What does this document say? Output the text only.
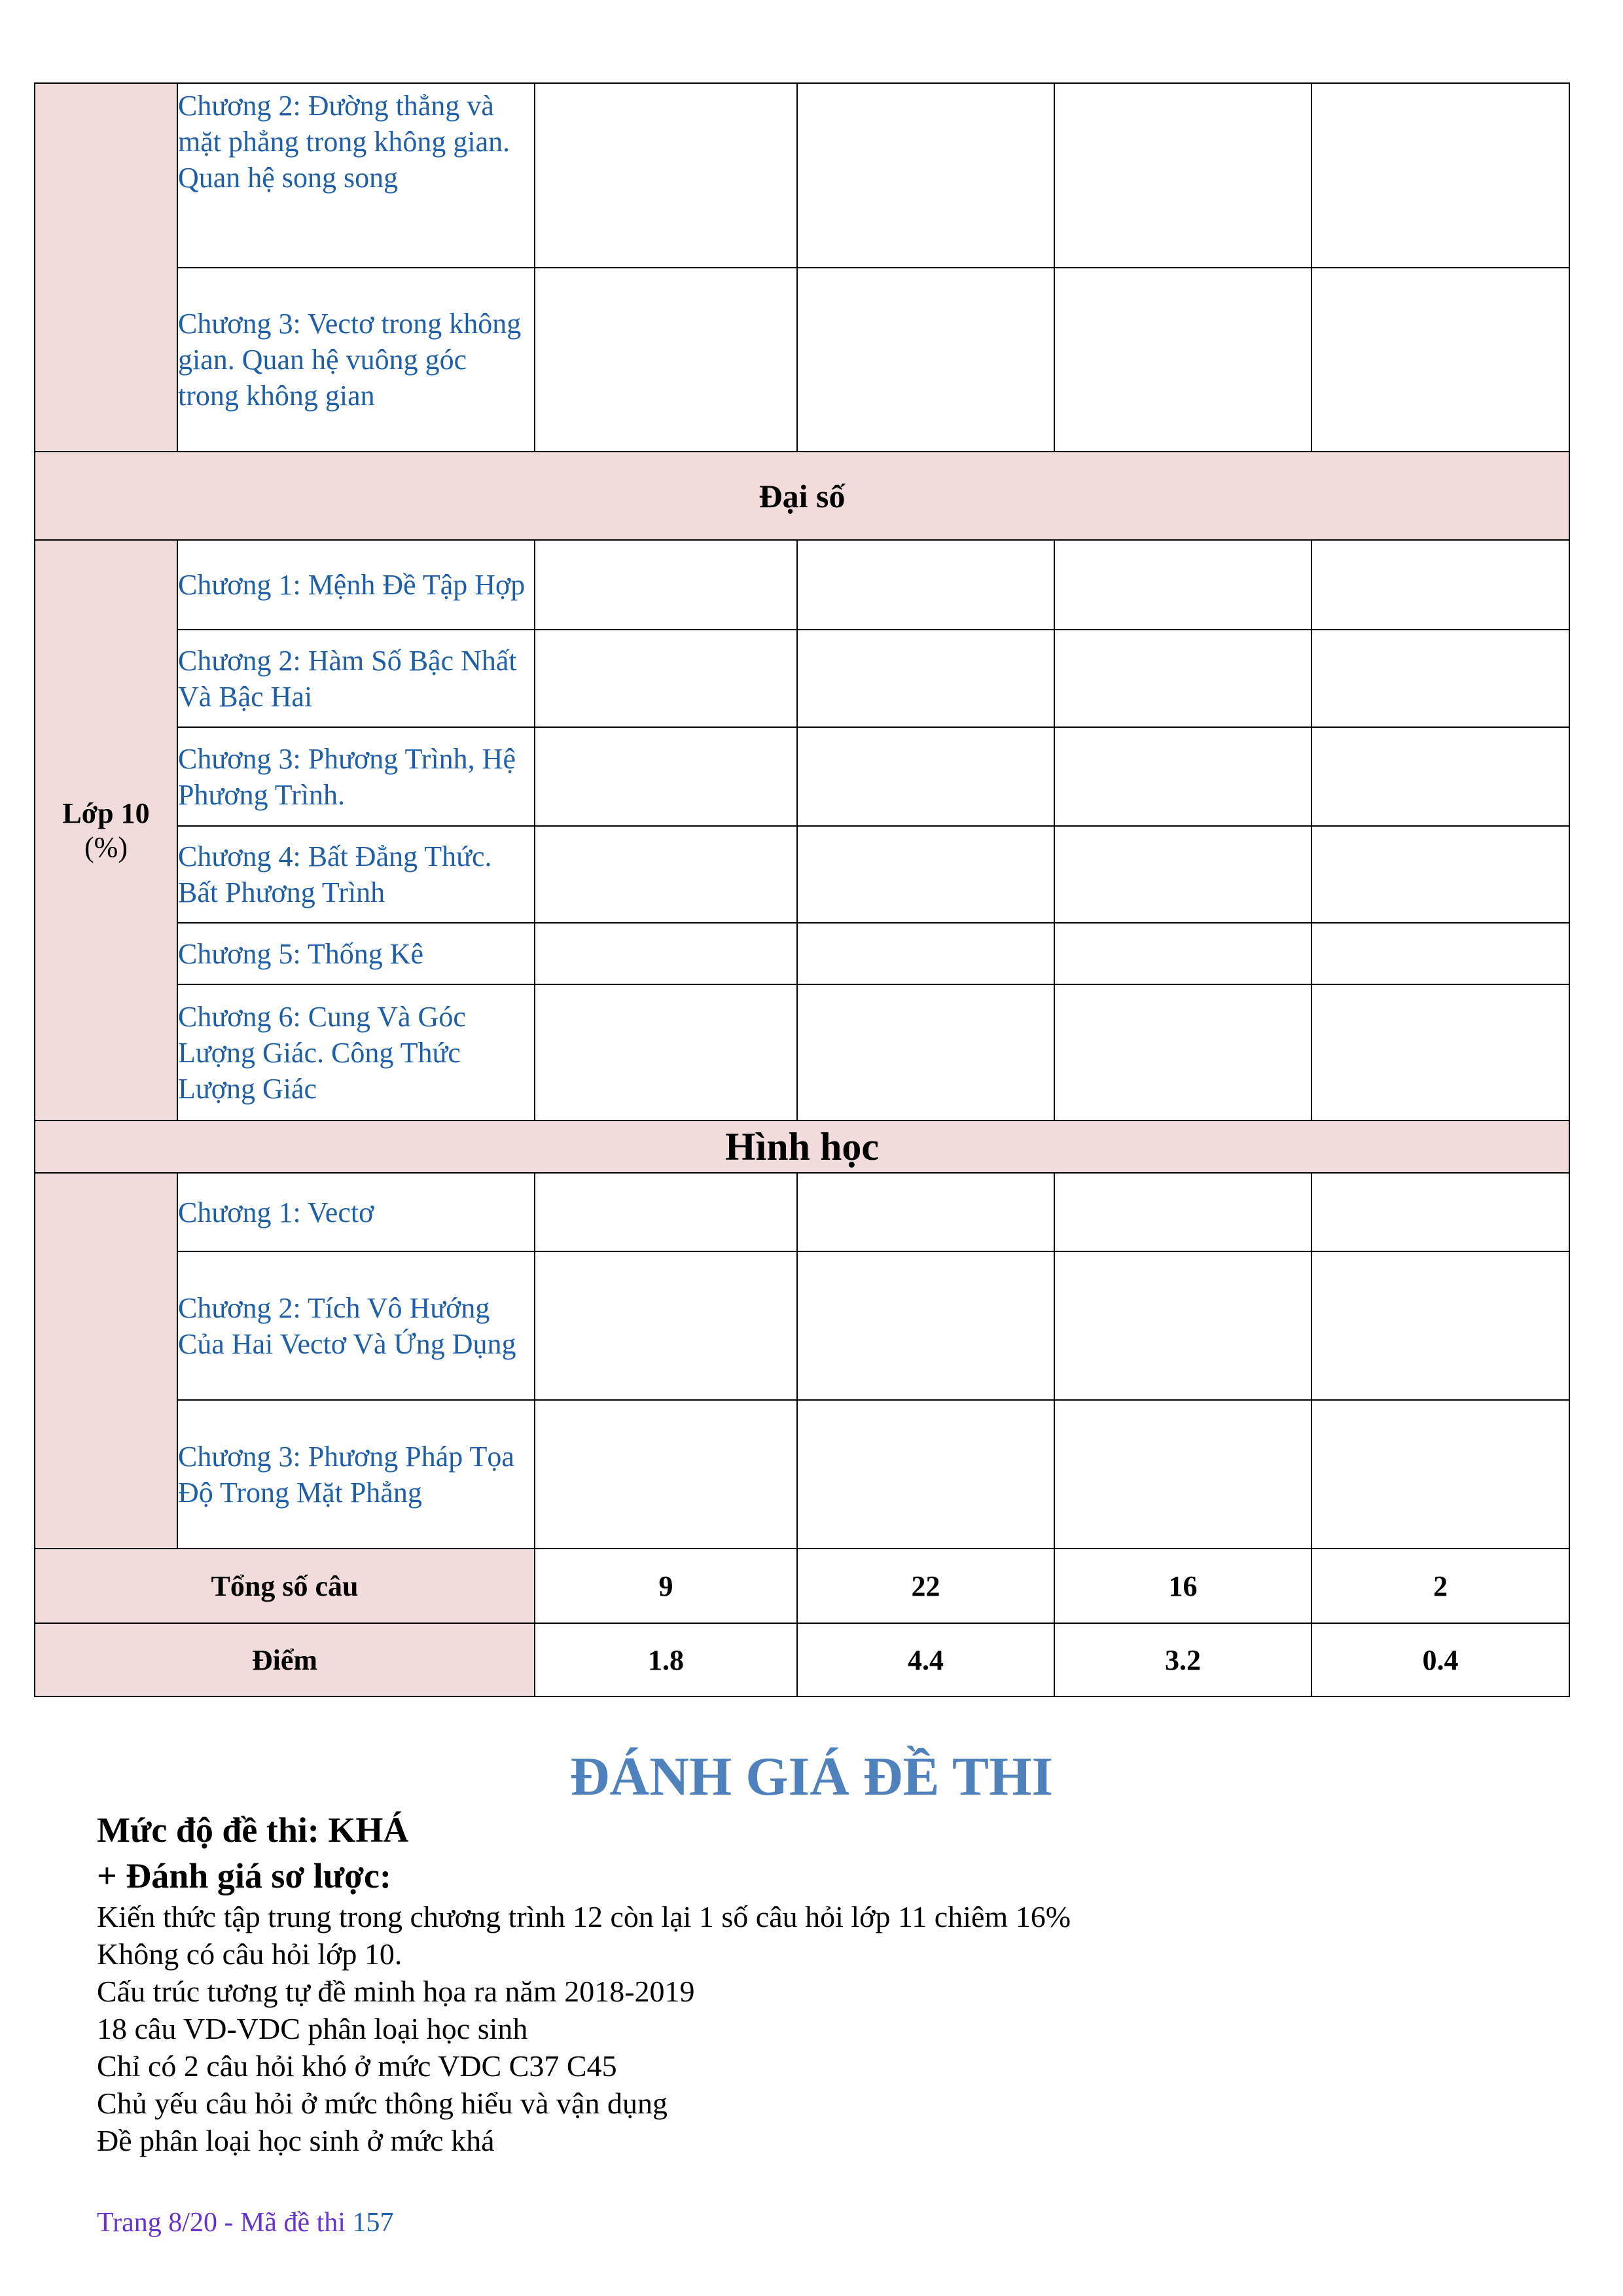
	Chương 2: Đường thẳng và mặt phẳng trong không gian. Quan hệ song song				
	Chương 3: Vectơ trong không gian. Quan hệ vuông góc trong không gian				
Đại số					

Lớp 10
(%)	Chương 1: Mệnh Đề Tập Hợp				
	Chương 2: Hàm Số Bậc Nhất Và Bậc Hai				
	Chương 3: Phương Trình, Hệ Phương Trình.				
	Chương 4: Bất Đẳng Thức. Bất Phương Trình				
	Chương 5: Thống Kê				
	Chương 6: Cung Và Góc Lượng Giác. Công Thức Lượng Giác				
Hình học					
	Chương 1: Vectơ				
	Chương 2: Tích Vô Hướng Của Hai Vectơ Và Ứng Dụng				
	Chương 3: Phương Pháp Tọa Độ Trong Mặt Phẳng				
Tổng số câu		9	22	16	2
Điểm		1.8	4.4	3.2	0.4
ĐÁNH GIÁ ĐỀ THI

Mức độ đề thi: KHÁ

+ Đánh giá sơ lược:

Kiến thức tập trung trong chương trình 12 còn lại 1 số câu hỏi lớp 11 chiêm 16%
Không có câu hỏi lớp 10.
Cấu trúc tương tự đề minh họa ra năm 2018-2019
18 câu VD-VDC phân loại học sinh
Chỉ có 2 câu hỏi khó ở mức VDC C37 C45
Chủ yếu câu hỏi ở mức thông hiểu và vận dụng
Đề phân loại học sinh ở mức khá
Trang 8/20 - Mã đề thi 157
